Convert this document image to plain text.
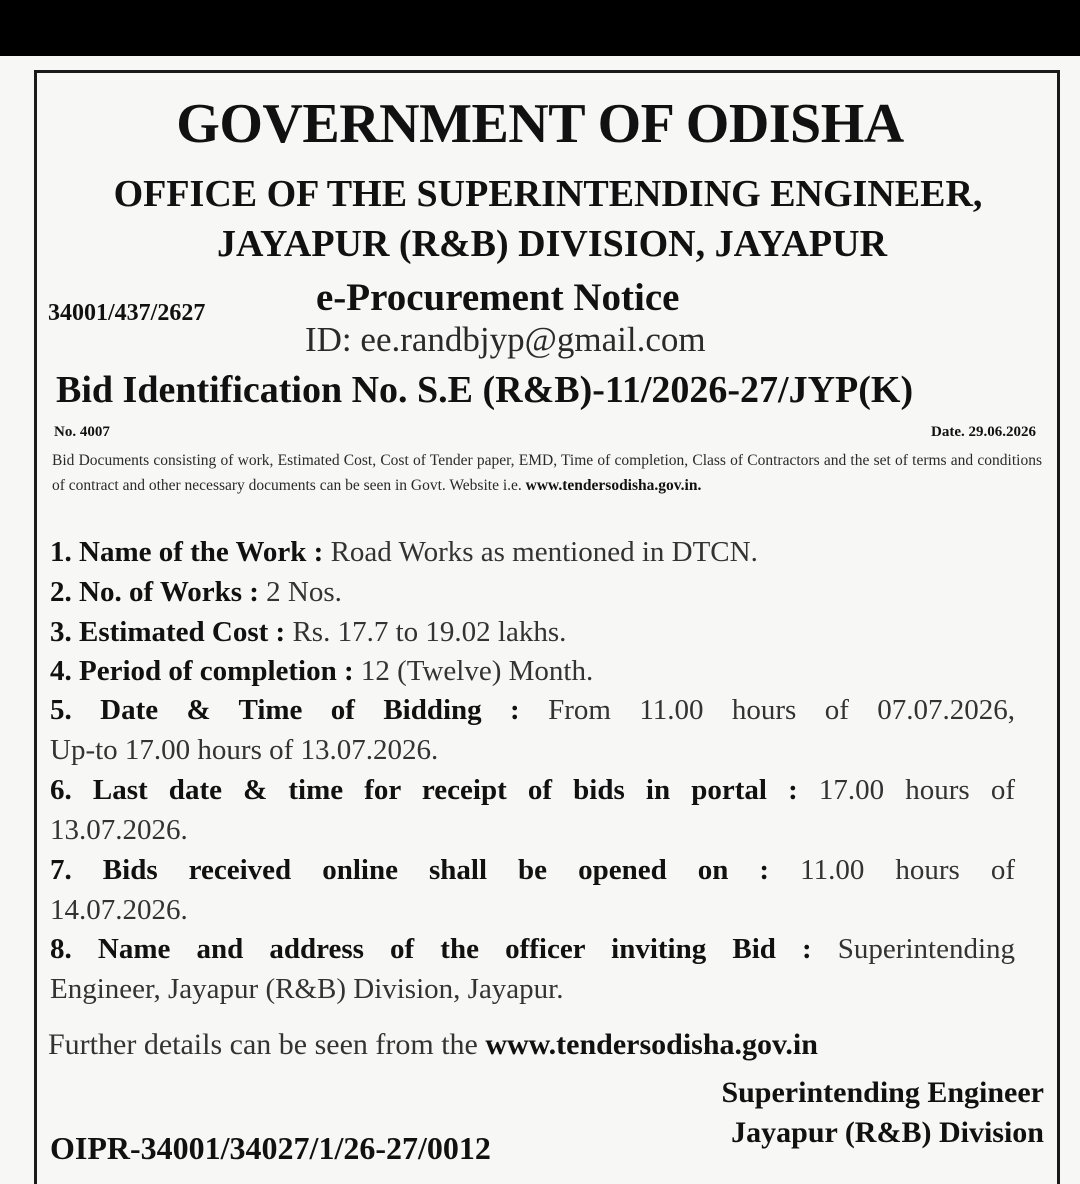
GOVERNMENT OF ODISHA
OFFICE OF THE SUPERINTENDING ENGINEER,
JAYAPUR (R&B) DIVISION, JAYAPUR
34001/437/2627	e-Procurement Notice
ID: ee.randbjyp@gmail.com
Bid Identification No. S.E (R&B)-11/2026-27/JYP(K)
No. 4007	Date. 29.06.2026
Bid Documents consisting of work, Estimated Cost, Cost of Tender paper, EMD, Time of completion, Class of Contractors and the set of terms and conditions of contract and other necessary documents can be seen in Govt. Website i.e. www.tendersodisha.gov.in.
1. Name of the Work : Road Works as mentioned in DTCN.
2. No. of Works : 2 Nos.
3. Estimated Cost : Rs. 17.7 to 19.02 lakhs.
4. Period of completion : 12 (Twelve) Month.
5. Date & Time of Bidding : From 11.00 hours of 07.07.2026,
Up-to 17.00 hours of 13.07.2026.
6. Last date & time for receipt of bids in portal : 17.00 hours of
13.07.2026.
7. Bids received online shall be opened on : 11.00 hours of
14.07.2026.
8. Name and address of the officer inviting Bid : Superintending
Engineer, Jayapur (R&B) Division, Jayapur.
Further details can be seen from the www.tendersodisha.gov.in
Superintending Engineer
Jayapur (R&B) Division
OIPR-34001/34027/1/26-27/0012
